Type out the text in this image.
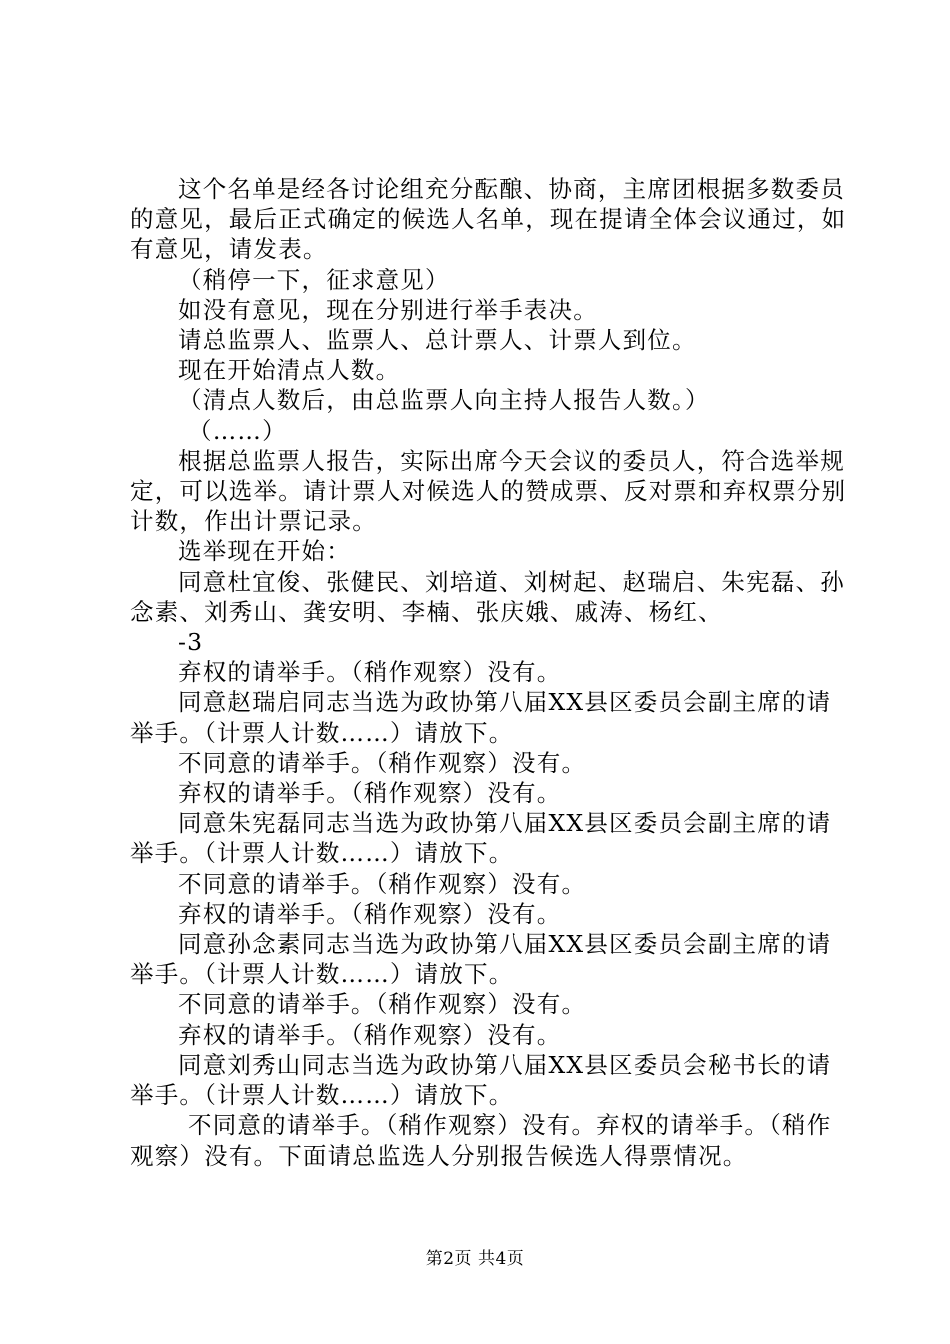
这个名单是经各讨论组充分酝酿、协商，主席团根据多数委员的意见，最后正式确定的候选人名单，现在提请全体会议通过，如有意见，请发表。

（稍停一下，征求意见）

如没有意见，现在分别进行举手表决。

请总监票人、监票人、总计票人、计票人到位。

现在开始清点人数。

（清点人数后，由总监票人向主持人报告人数。）

（……）

根据总监票人报告，实际出席今天会议的委员人，符合选举规定，可以选举。请计票人对候选人的赞成票、反对票和弃权票分别计数，作出计票记录。

选举现在开始：

同意杜宜俊、张健民、刘培道、刘树起、赵瑞启、朱宪磊、孙念素、刘秀山、龚安明、李楠、张庆娥、戚涛、杨红、

-3

弃权的请举手。（稍作观察）没有。

同意赵瑞启同志当选为政协第八届XX县区委员会副主席的请举手。（计票人计数……）请放下。

不同意的请举手。（稍作观察）没有。

弃权的请举手。（稍作观察）没有。

同意朱宪磊同志当选为政协第八届XX县区委员会副主席的请举手。（计票人计数……）请放下。

不同意的请举手。（稍作观察）没有。

弃权的请举手。（稍作观察）没有。

同意孙念素同志当选为政协第八届XX县区委员会副主席的请举手。（计票人计数……）请放下。

不同意的请举手。（稍作观察）没有。

弃权的请举手。（稍作观察）没有。

同意刘秀山同志当选为政协第八届XX县区委员会秘书长的请举手。（计票人计数……）请放下。

不同意的请举手。（稍作观察）没有。弃权的请举手。（稍作观察）没有。下面请总监选人分别报告候选人得票情况。

第2页 共4页
